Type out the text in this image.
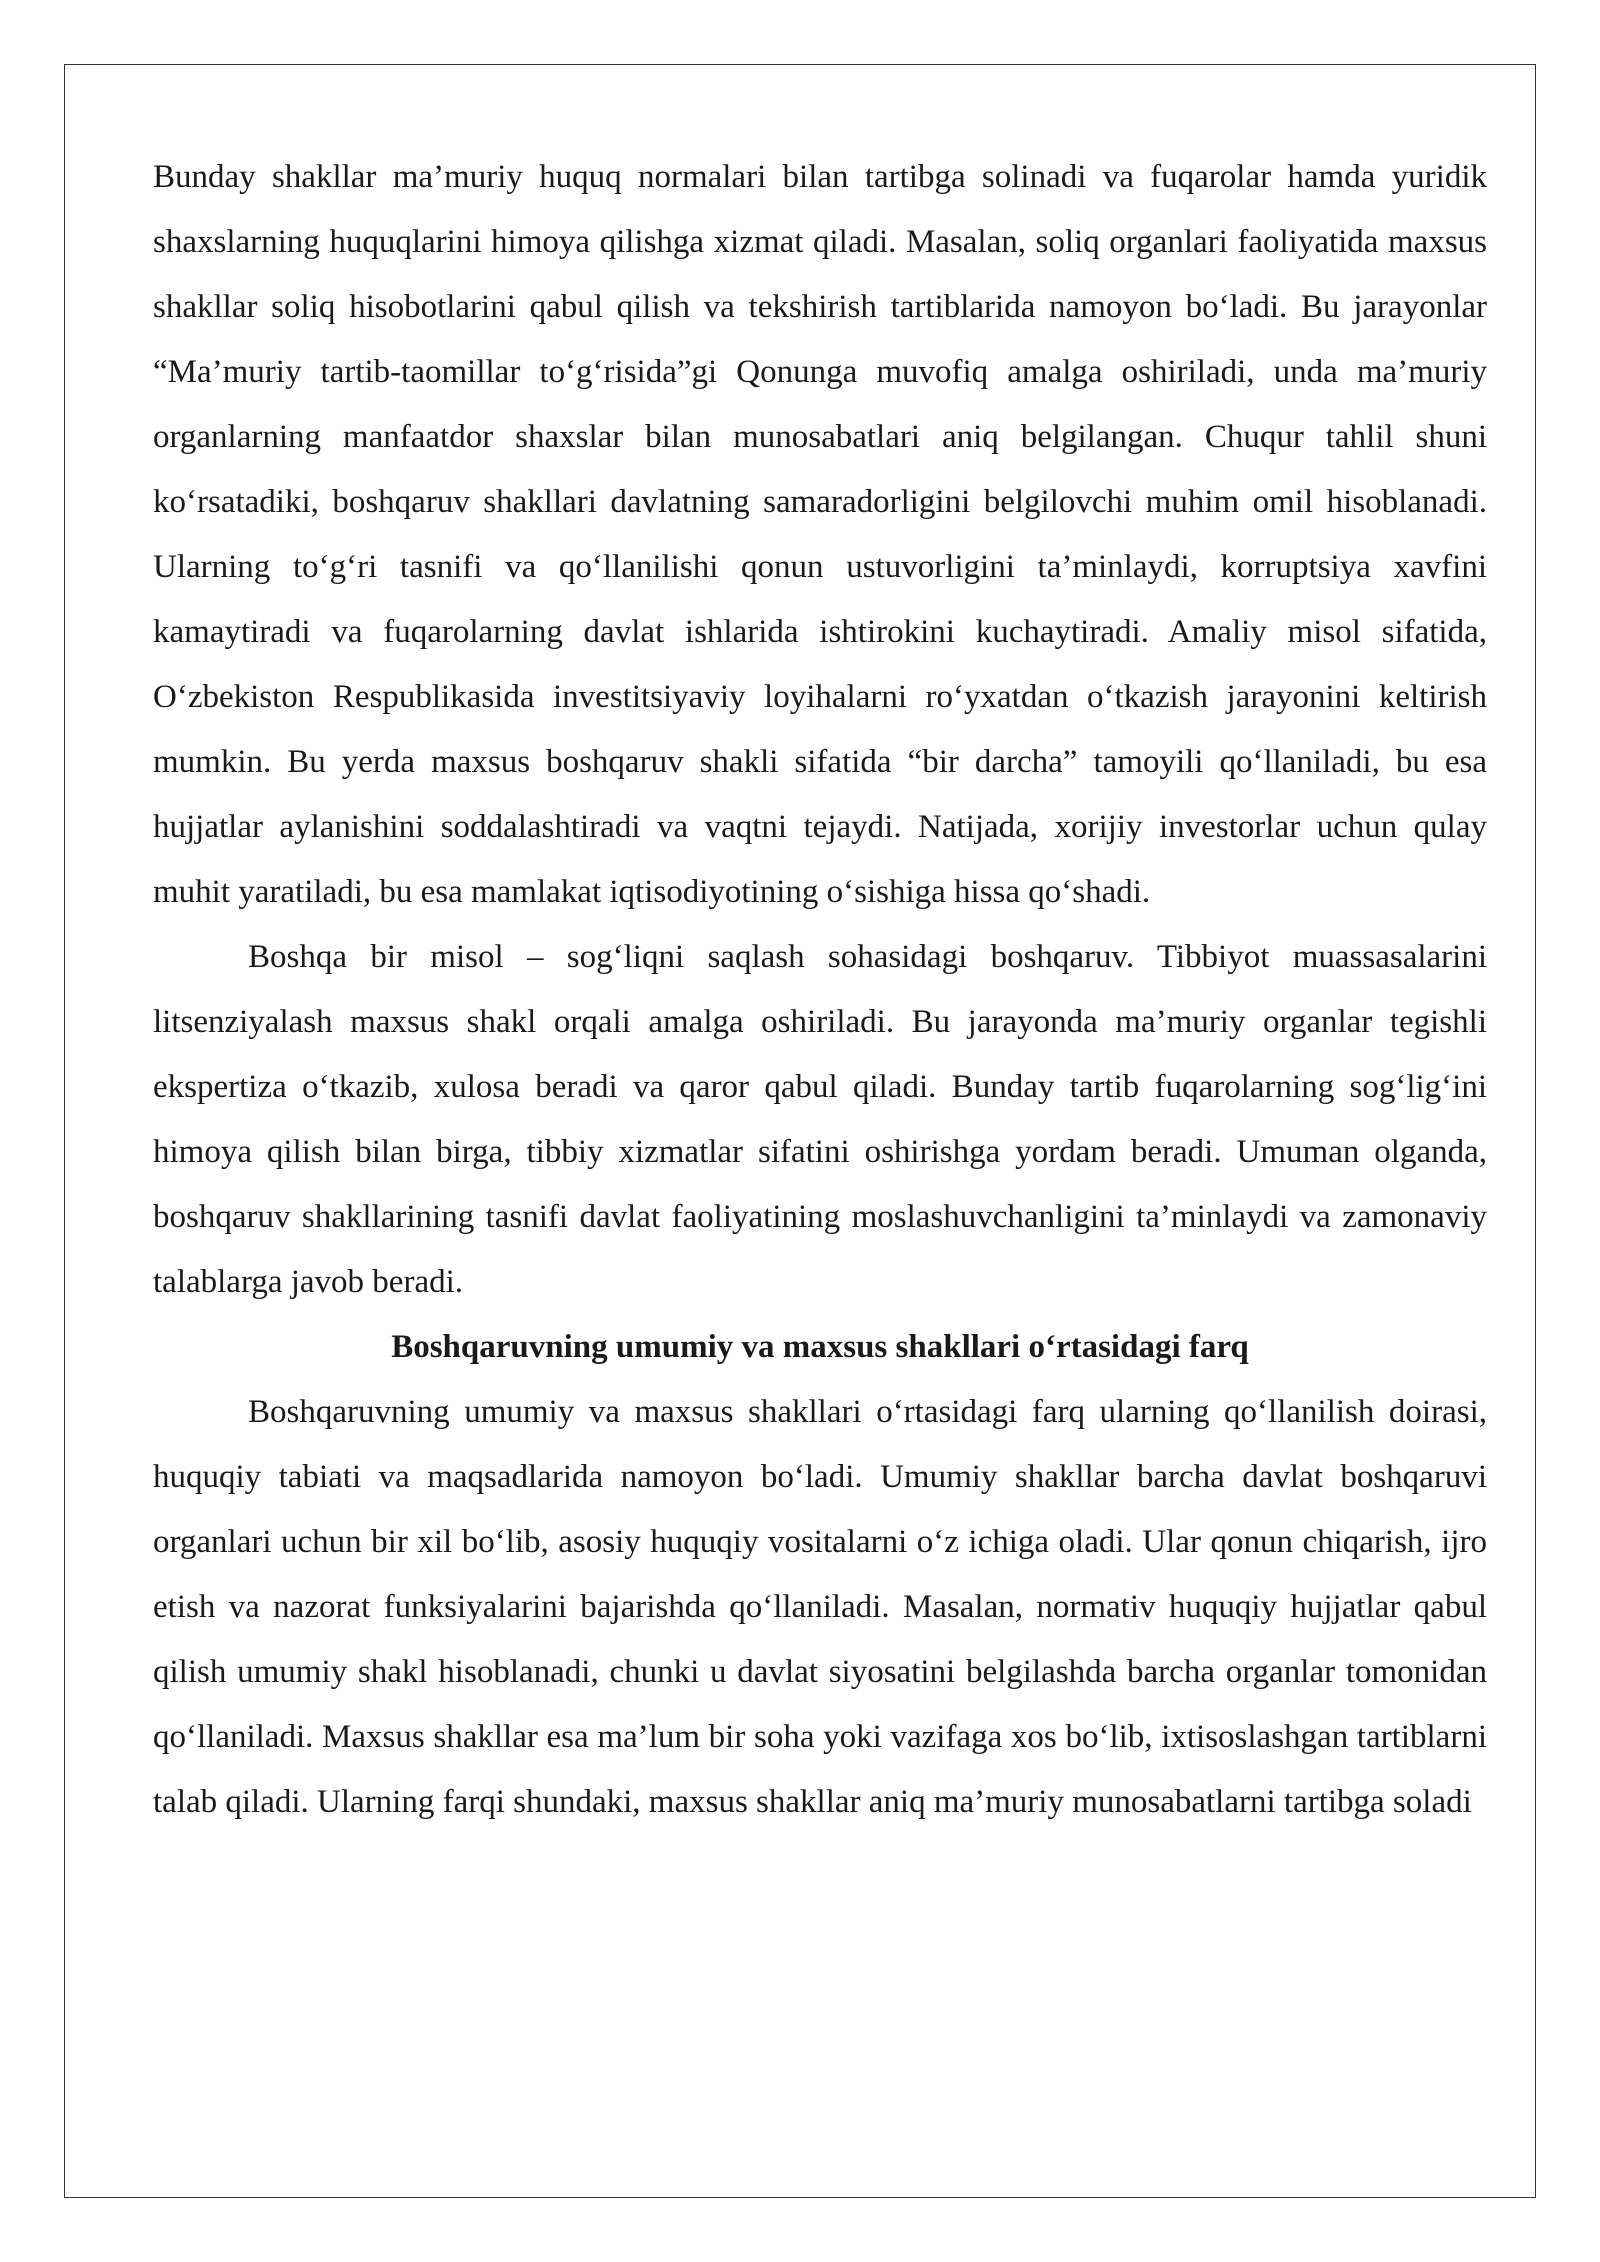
Bunday shakllar ma’muriy huquq normalari bilan tartibga solinadi va fuqarolar hamda yuridik shaxslarning huquqlarini himoya qilishga xizmat qiladi. Masalan, soliq organlari faoliyatida maxsus shakllar soliq hisobotlarini qabul qilish va tekshirish tartiblarida namoyon boʻladi. Bu jarayonlar “Ma’muriy tartib-taomillar toʻgʻrisida”gi Qonunga muvofiq amalga oshiriladi, unda ma’muriy organlarning manfaatdor shaxslar bilan munosabatlari aniq belgilangan. Chuqur tahlil shuni koʻrsatadiki, boshqaruv shakllari davlatning samaradorligini belgilovchi muhim omil hisoblanadi. Ularning toʻgʻri tasnifi va qoʻllanilishi qonun ustuvorligini ta’minlaydi, korruptsiya xavfini kamaytiradi va fuqarolarning davlat ishlarida ishtirokini kuchaytiradi. Amaliy misol sifatida, Oʻzbekiston Respublikasida investitsiyaviy loyihalarni roʻyxatdan oʻtkazish jarayonini keltirish mumkin. Bu yerda maxsus boshqaruv shakli sifatida “bir darcha” tamoyili qoʻllaniladi, bu esa hujjatlar aylanishini soddalashtiradi va vaqtni tejaydi. Natijada, xorijiy investorlar uchun qulay muhit yaratiladi, bu esa mamlakat iqtisodiyotining oʻsishiga hissa qoʻshadi.

Boshqa bir misol – sogʻliqni saqlash sohasidagi boshqaruv. Tibbiyot muassasalarini litsenziyalash maxsus shakl orqali amalga oshiriladi. Bu jarayonda ma’muriy organlar tegishli ekspertiza oʻtkazib, xulosa beradi va qaror qabul qiladi. Bunday tartib fuqarolarning sogʻligʻini himoya qilish bilan birga, tibbiy xizmatlar sifatini oshirishga yordam beradi. Umuman olganda, boshqaruv shakllarining tasnifi davlat faoliyatining moslashuvchanligini ta’minlaydi va zamonaviy talablarga javob beradi.

Boshqaruvning umumiy va maxsus shakllari oʻrtasidagi farq

Boshqaruvning umumiy va maxsus shakllari oʻrtasidagi farq ularning qoʻllanilish doirasi, huquqiy tabiati va maqsadlarida namoyon boʻladi. Umumiy shakllar barcha davlat boshqaruvi organlari uchun bir xil boʻlib, asosiy huquqiy vositalarni oʻz ichiga oladi. Ular qonun chiqarish, ijro etish va nazorat funksiyalarini bajarishda qoʻllaniladi. Masalan, normativ huquqiy hujjatlar qabul qilish umumiy shakl hisoblanadi, chunki u davlat siyosatini belgilashda barcha organlar tomonidan qoʻllaniladi. Maxsus shakllar esa ma’lum bir soha yoki vazifaga xos boʻlib, ixtisoslashgan tartiblarni talab qiladi. Ularning farqi shundaki, maxsus shakllar aniq ma’muriy munosabatlarni tartibga soladi
